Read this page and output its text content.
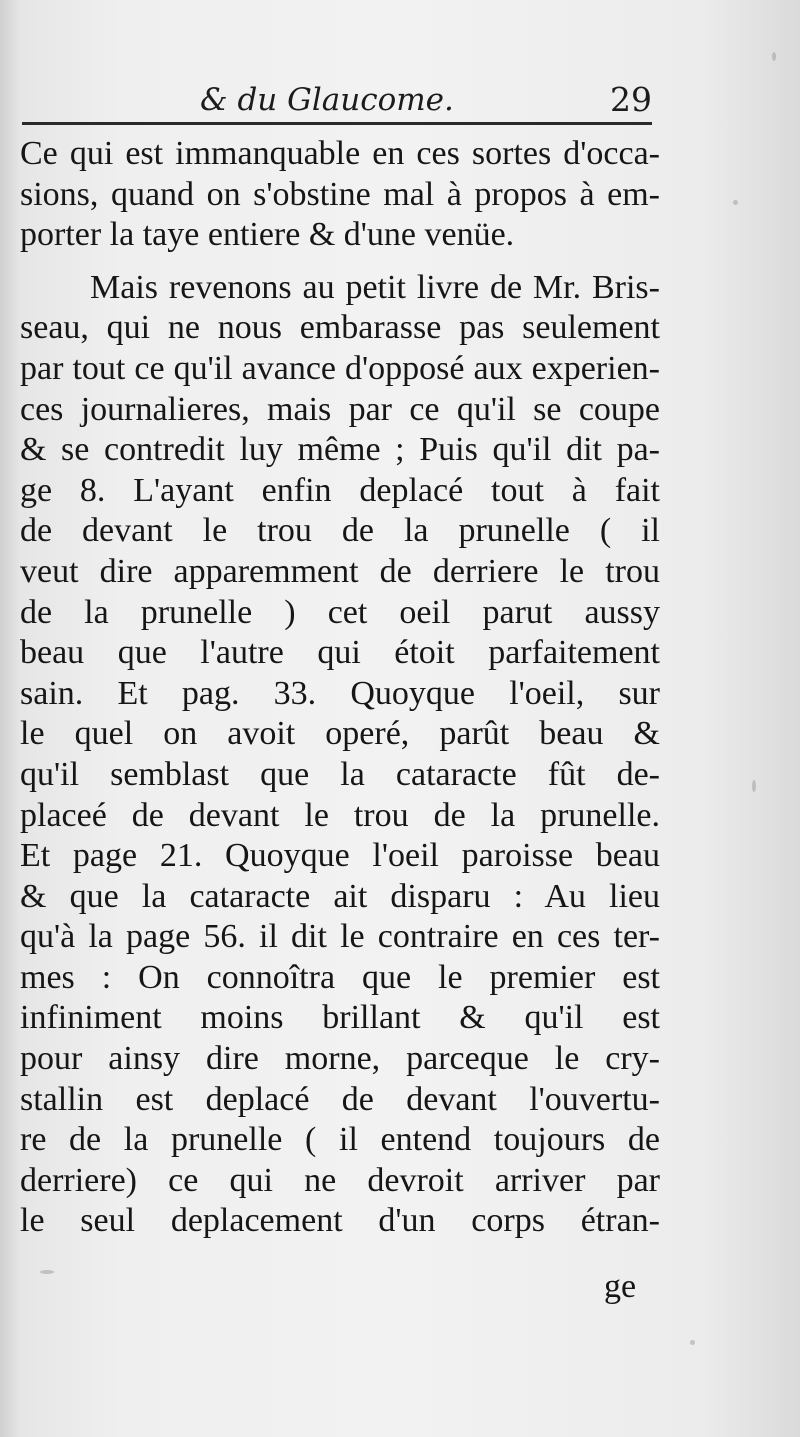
& du Glaucome.	29
Ce qui est immanquable en ces sortes d'occa-
sions, quand on s'obstine mal à propos à em-
porter la taye entiere & d'une venüe.
Mais revenons au petit livre de Mr. Bris-
seau, qui ne nous embarasse pas seulement
par tout ce qu'il avance d'opposé aux experien-
ces journalieres, mais par ce qu'il se coupe
& se contredit luy même ; Puis qu'il dit pa-
ge 8. L'ayant enfin deplacé tout à fait
de devant le trou de la prunelle ( il
veut dire apparemment de derriere le trou
de la prunelle ) cet oeil parut aussy
beau que l'autre qui étoit parfaitement
sain. Et pag. 33. Quoyque l'oeil, sur
le quel on avoit operé, parût beau &
qu'il semblast que la cataracte fût de-
placeé de devant le trou de la prunelle.
Et page 21. Quoyque l'oeil paroisse beau
& que la cataracte ait disparu : Au lieu
qu'à la page 56. il dit le contraire en ces ter-
mes : On connoîtra que le premier est
infiniment moins brillant & qu'il est
pour ainsy dire morne, parceque le cry-
stallin est deplacé de devant l'ouvertu-
re de la prunelle ( il entend toujours de
derriere) ce qui ne devroit arriver par
le seul deplacement d'un corps étran-
ge
